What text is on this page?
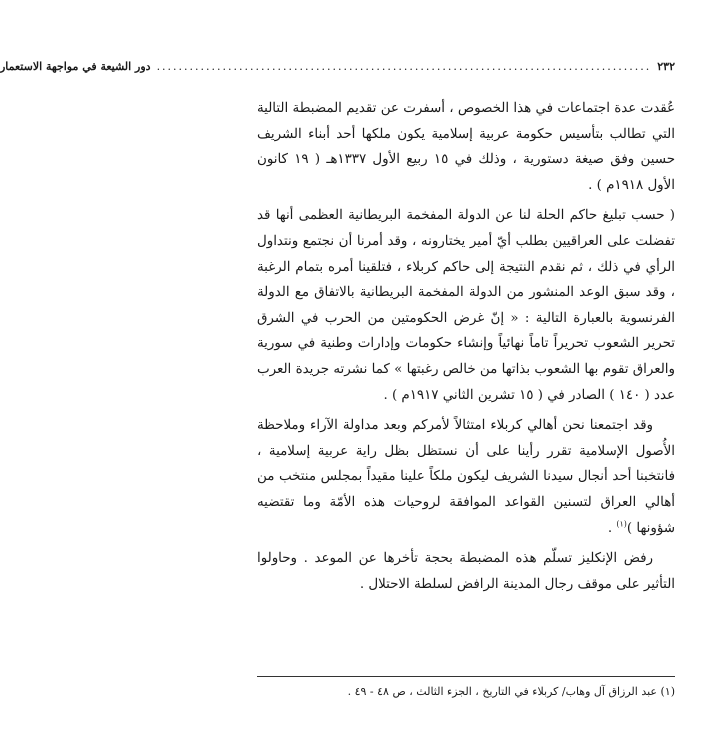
٢٣٢
..........................................................................................
دور الشيعة في مواجهة الاستعمار

عُقدت عدة اجتماعات في هذا الخصوص ، أسفرت عن تقديم المضبطة التالية التي تطالب بتأسيس حكومة عربية إسلامية يكون ملكها أحد أبناء الشريف حسين وفق صيغة دستورية ، وذلك في ١٥ ربيع الأول ١٣٣٧هـ ( ١٩ كانون الأول ١٩١٨م ) .

( حسب تبليغ حاكم الحلة لنا عن الدولة المفخمة البريطانية العظمى أنها قد تفضلت على العراقيين بطلب أيّ أمير يختارونه ، وقد أمرنا أن نجتمع ونتداول الرأي في ذلك ، ثم نقدم النتيجة إلى حاكم كربلاء ، فتلقينا أمره بتمام الرغبة ، وقد سبق الوعد المنشور من الدولة المفخمة البريطانية بالاتفاق مع الدولة الفرنسوية بالعبارة التالية : « إنّ غرض الحكومتين من الحرب في الشرق تحرير الشعوب تحريراً تاماً نهائياً وإنشاء حكومات وإدارات وطنية في سورية والعراق تقوم بها الشعوب بذاتها من خالص رغبتها » كما نشرته جريدة العرب عدد ( ١٤٠ ) الصادر في ( ١٥ تشرين الثاني ١٩١٧م ) .

وقد اجتمعنا نحن أهالي كربلاء امتثالاً لأمركم وبعد مداولة الآراء وملاحظة الأُصول الإسلامية تقرر رأينا على أن نستظل بظل راية عربية إسلامية ، فانتخبنا أحد أنجال سيدنا الشريف ليكون ملكاً علينا مقيداً بمجلس منتخب من أهالي العراق لتسنين القواعد الموافقة لروحيات هذه الأمّة وما تقتضيه شؤونها )$^{(١)}$ .

رفض الإنكليز تسلّم هذه المضبطة بحجة تأخرها عن الموعد . وحاولوا التأثير على موقف رجال المدينة الرافض لسلطة الاحتلال .

(١) عبد الرزاق آل وهاب/ كربلاء في التاريخ ، الجزء الثالث ، ص ٤٨ - ٤٩ .
